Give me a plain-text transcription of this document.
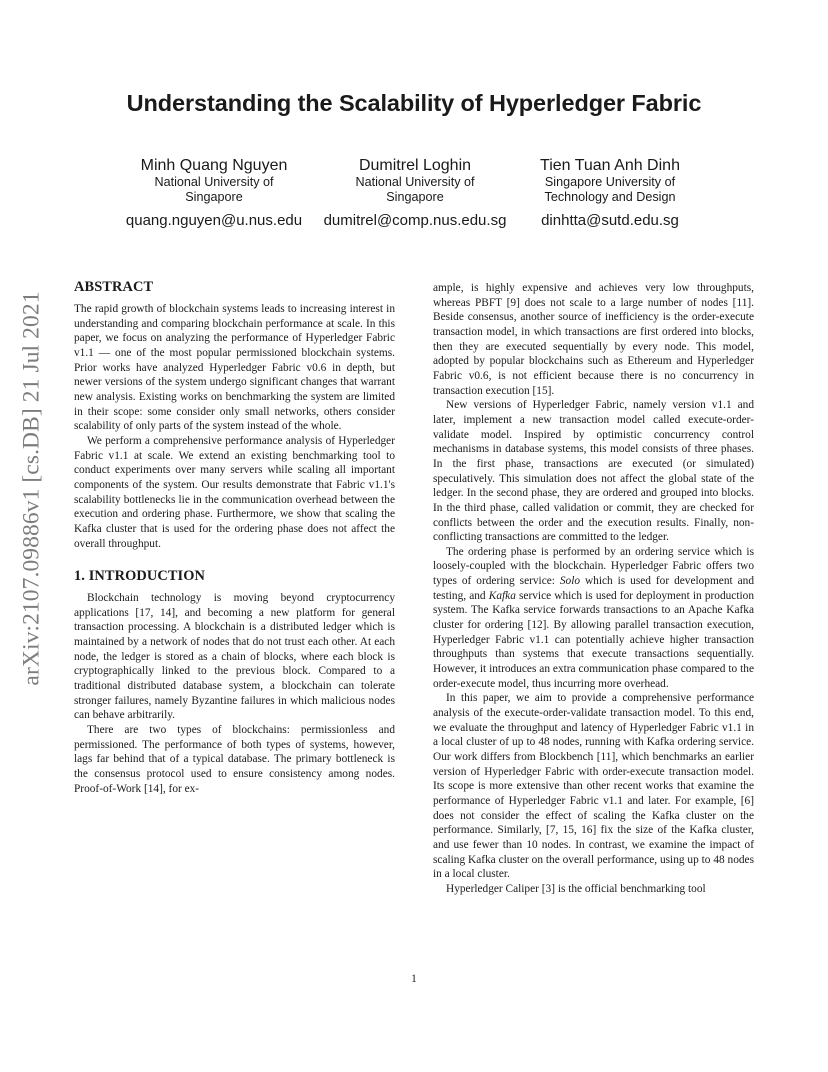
arXiv:2107.09886v1 [cs.DB] 21 Jul 2021
Understanding the Scalability of Hyperledger Fabric
Minh Quang Nguyen
National University of
Singapore
quang.nguyen@u.nus.edu
Dumitrel Loghin
National University of
Singapore
dumitrel@comp.nus.edu.sg
Tien Tuan Anh Dinh
Singapore University of
Technology and Design
dinhtta@sutd.edu.sg
ABSTRACT

The rapid growth of blockchain systems leads to increasing interest in understanding and comparing blockchain performance at scale. In this paper, we focus on analyzing the performance of Hyperledger Fabric v1.1 — one of the most popular permissioned blockchain systems. Prior works have analyzed Hyperledger Fabric v0.6 in depth, but newer versions of the system undergo significant changes that warrant new analysis. Existing works on benchmarking the system are limited in their scope: some consider only small networks, others consider scalability of only parts of the system instead of the whole.

We perform a comprehensive performance analysis of Hyperledger Fabric v1.1 at scale. We extend an existing benchmarking tool to conduct experiments over many servers while scaling all important components of the system. Our results demonstrate that Fabric v1.1's scalability bottlenecks lie in the communication overhead between the execution and ordering phase. Furthermore, we show that scaling the Kafka cluster that is used for the ordering phase does not affect the overall throughput.

1. INTRODUCTION

Blockchain technology is moving beyond cryptocurrency applications [17, 14], and becoming a new platform for general transaction processing. A blockchain is a distributed ledger which is maintained by a network of nodes that do not trust each other. At each node, the ledger is stored as a chain of blocks, where each block is cryptographically linked to the previous block. Compared to a traditional distributed database system, a blockchain can tolerate stronger failures, namely Byzantine failures in which malicious nodes can behave arbitrarily.

There are two types of blockchains: permissionless and permissioned. The performance of both types of systems, however, lags far behind that of a typical database. The primary bottleneck is the consensus protocol used to ensure consistency among nodes. Proof-of-Work [14], for ex-

ample, is highly expensive and achieves very low throughputs, whereas PBFT [9] does not scale to a large number of nodes [11]. Beside consensus, another source of inefficiency is the order-execute transaction model, in which transactions are first ordered into blocks, then they are executed sequentially by every node. This model, adopted by popular blockchains such as Ethereum and Hyperledger Fabric v0.6, is not efficient because there is no concurrency in transaction execution [15].

New versions of Hyperledger Fabric, namely version v1.1 and later, implement a new transaction model called execute-order-validate model. Inspired by optimistic concurrency control mechanisms in database systems, this model consists of three phases. In the first phase, transactions are executed (or simulated) speculatively. This simulation does not affect the global state of the ledger. In the second phase, they are ordered and grouped into blocks. In the third phase, called validation or commit, they are checked for conflicts between the order and the execution results. Finally, non-conflicting transactions are committed to the ledger.

The ordering phase is performed by an ordering service which is loosely-coupled with the blockchain. Hyperledger Fabric offers two types of ordering service: Solo which is used for development and testing, and Kafka service which is used for deployment in production system. The Kafka service forwards transactions to an Apache Kafka cluster for ordering [12]. By allowing parallel transaction execution, Hyperledger Fabric v1.1 can potentially achieve higher transaction throughputs than systems that execute transactions sequentially. However, it introduces an extra communication phase compared to the order-execute model, thus incurring more overhead.

In this paper, we aim to provide a comprehensive performance analysis of the execute-order-validate transaction model. To this end, we evaluate the throughput and latency of Hyperledger Fabric v1.1 in a local cluster of up to 48 nodes, running with Kafka ordering service. Our work differs from Blockbench [11], which benchmarks an earlier version of Hyperledger Fabric with order-execute transaction model. Its scope is more extensive than other recent works that examine the performance of Hyperledger Fabric v1.1 and later. For example, [6] does not consider the effect of scaling the Kafka cluster on the performance. Similarly, [7, 15, 16] fix the size of the Kafka cluster, and use fewer than 10 nodes. In contrast, we examine the impact of scaling Kafka cluster on the overall performance, using up to 48 nodes in a local cluster.

Hyperledger Caliper [3] is the official benchmarking tool

1
